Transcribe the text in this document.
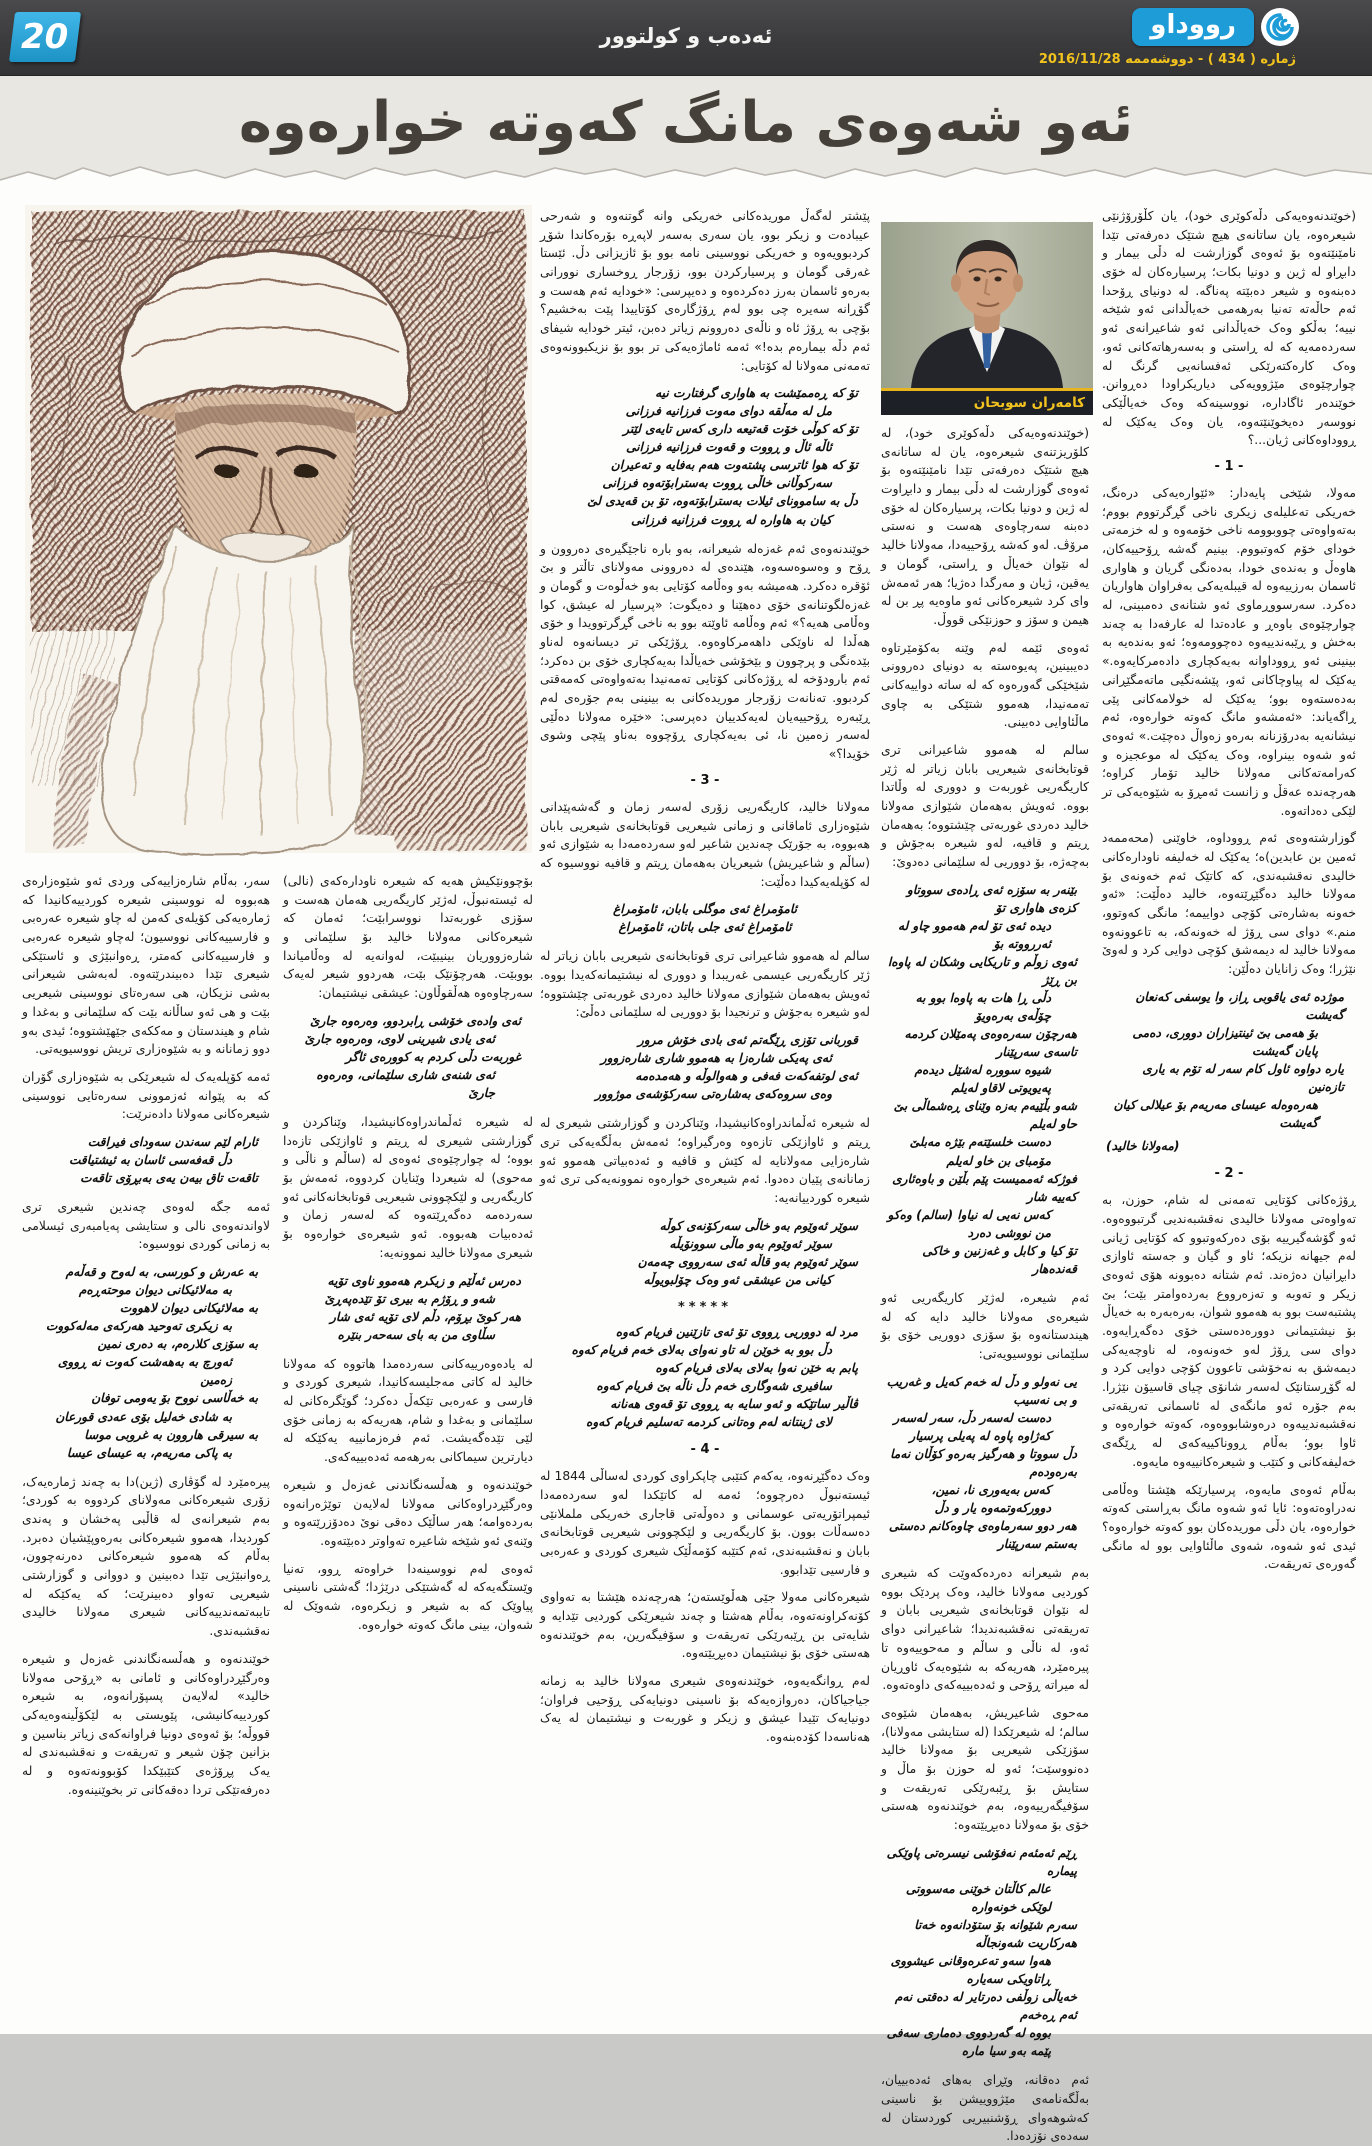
20	ئەدەب و کولتوور	رووداو
ژمارە ( 434 ) - دووشەممە 2016/11/28
ئەو شەوەی مانگ کەوتە خوارەوە
کامەران سوبحان

پێشتر لەگەڵ موریدەکانی خەریکی وانە گوتنەوە و شەرحی عیبادەت و زیکر بوو، یان سەری بەسەر لاپەڕە بۆرەکاندا شۆڕ کردبوویەوە و خەریکی نووسینی نامە بوو بۆ ئازیزانی دڵ. ئێستا غەرقی گومان و پرسیارکردن بوو، زۆرجار ڕوخساری نوورانی بەرەو ئاسمان بەرز دەکردەوە و دەیپرسی: «خودایە ئەم هەست و گۆڕانە سەیرە چی بوو لەم ڕۆژگارەی کۆتاییدا پێت بەخشیم؟ بۆچی بە ڕۆژ ئاه و ناڵەی دەروونم زیاتر دەبن، ئیتر خودایە شیفای ئەم دڵە بیمارەم بدە!» ئەمە ئاماژەیەکی تر بوو بۆ نزیکبوونەوەی تەمەنی مەولانا لە کۆتایی:

تۆ کە ڕەممێشت بە هاواری گرفتارت نیە
مل لە مەڵقە دوای مەوت فرزانیە فرزانی
تۆ کە کوڵی خۆت قەتیعە داری کەس تایەی لێتر
ئاڵە ئاڵ و ڕووت و قەوت فرزانیە فرزانی
تۆ کە هوا ئاترسی پشتەوت هەم بەفایە و تەعیران
سەرکوڵانی خاڵی ڕووت بەسترابۆتەوە فرزانی
دڵ بە ساموونای ئیلات بەسترابۆتەوە، تۆ بن قەیدی لێ
کیان بە هاوارە لە ڕووت فرزانیە فرزانی

خوێندنەوەی ئەم غەزەلە شیعرانە، بەو بارە ناجێگیرەی دەروون و ڕۆح و وەسوەسەوە، هێندەی لە دەروونی مەولانای تاڵتر و بێ ئۆقرە دەکرد. هەمیشە بەو وەڵامە کۆتایی بەو خەڵوەت و گومان و غەزەلگوتنانەی خۆی دەهێنا و دەیگوت: «پرسیار لە عیشق، کوا وەڵامی هەیە؟» ئەم وەڵامە ئاوێتە بوو بە ناخی گڕگرتوویدا و خۆی هەڵدا لە ناوێکی داهەمرکاوەوە. ڕۆژێکی تر دیسانەوە لەناو بێدەنگی و پرچوون و بێخۆشی خەیاڵدا بەیەکچاری خۆی بن دەکرد؛ ئەم بارودۆخە لە ڕۆژەکانی کۆتایی تەمەنیدا بەتەواوەتی کەمەقتی کردبوو. تەنانەت زۆرجار موریدەکانی بە بینینی بەم جۆرەی لەم ڕێبەرە ڕۆحییەیان لەیەکدییان دەپرسی: «خێرە مەولانا دەڵێی لەسەر زەمین نا، ئی بەیەکچاری ڕۆچووە بەناو پێچی وشوی خۆیدا؟»

- 3 -

مەولانا خالید، کاریگەریی زۆری لەسەر زمان و گەشەپێدانی شێوەزاری ئاماقانی و زمانی شیعریی قوتابخانەی شیعریی بابان هەبووە، بە جۆرێک چەندین شاعیر لەو سەردەمەدا بە شێوازی ئەو (ساڵم و شاعیریش) شیعریان بەهەمان ڕیتم و قافیە نووسیوە کە لە کۆپلەیەکیدا دەڵێت:

ئامۆمراغ ئەی موگلی بابان، ئامۆمراغ
ئامۆمراغ ئەی جلی باتان، ئامۆمراغ

سالم لە هەموو شاعیرانی تری قوتابخانەی شیعریی بابان زیاتر لە ژێر کاریگەریی عیسمی غەریبدا و دووری لە نیشتیمانەکەیدا بووە. ئەویش بەهەمان شێوازی مەولانا خالید دەردی غوربەتی چێشتووە؛ لەو شیعرە بەجۆش و ترنجیدا بۆ دووریی لە سلێمانی دەڵێ:

قوربانی تۆزی ڕێگەتم ئەی بادی خۆش مرور
ئەی پەیکی شارەزا بە هەموو شاری شارەزوور
ئەی لوتفەکەت فەفی و هەوالوڵە و هەمدەمە
وەی سروەکەی بەشارەتی سەرکۆشەی موژوور

لە شیعرە ئەڵماندراوەکانیشیدا، وێناکردن و گوزارشتی شیعری لە ڕیتم و ئاوازێکی تازەوە وەرگیراوە؛ ئەمەش بەڵگەیەکی تری شارەزایی مەولانایە لە کێش و قافیە و ئەدەبیاتی هەموو ئەو زمانانەی پێیان دەدوا. ئەم شیعرەی خوارەوە نموونەیەکی تری ئەو شیعرە کوردییانەیە:

سوێر ئەوێوم بەو خاڵی سەرکۆنەی کوڵە
سوێر ئەوێوم بەو ماڵی سوونۆیڵە
سوێر ئەوێوم بەو قاڵە ئەی سەرووی چەمەن
کیانی من عیشقی ئەو وەک چۆلبویوڵە
*****
مرد لە دووریی ڕووی تۆ ئەی تازێنین فریام کەوە
دڵ بوو بە خوێن لە تاو نەوای بەلای خەم فریام کەوە
پابم بە خێن نەوا بەلای بەلای فریام کەوە
سافیری شەوگاری خەم دڵ ناڵە بێ فریام کەوە
ڤاڵیر ساتێکە و ئەو سایە بە ڕووی تۆ قەوی هەنانە
لای ژینتانە لەم وەتانی کردمە تەسلیم فریام کەوە
- 4 -

وەک دەگێڕنەوە، یەکەم کتێبی چاپکراوی کوردی لەساڵی 1844 لە ئیستەنبوڵ دەرچووە؛ ئەمە لە کاتێکدا لەو سەردەمەدا ئیمپراتۆریەتی عوسمانی و دەوڵەتی قاجاری خەریکی ململانێی دەسەڵات بوون. بۆ کاریگەریی و لێکچوونی شیعریی قوتابخانەی بابان و نەقشبەندی، ئەم کتێبە کۆمەڵێک شیعری کوردی و عەرەبی و فارسیی تێدابوو.

شیعرەکانی مەولا جێی هەڵوێستەن؛ هەرچەندە هێشتا بە تەواوی کۆنەکراونەتەوە، بەڵام هەشتا و چەند شیعرێکی کوردیی تێدایە و شایەتی بن ڕێبەرێکی تەریقەت و سۆفیگەرین، بەم خوێندنەوە هەستی خۆی بۆ نیشتیمان دەبڕیێتەوە.

لەم ڕوانگەیەوە، خوێندنەوەی شیعری مەولانا خالید بە زمانە جیاجیاکان، دەروازەیەکە بۆ ناسینی دونیایەکی ڕۆحیی فراوان؛ دونیایەک تێیدا عیشق و زیکر و غوربەت و نیشتیمان لە یەک هەناسەدا کۆدەبنەوە.

(خوێندنەوەیەکی دڵەکوێری خود)، لە کلۆریزتنەی شیعرەوە، یان لە ساتانەی هیچ شتێک دەرفەتی تێدا نامێنێتەوە بۆ ئەوەی گوزارشت لە دڵی بیمار و دابڕاوت لە ژین و دونیا بکات، پرسیارەکان لە خۆی دەبنە سەرچاوەی هەست و نەستی مرۆڤ. لەو کەشە ڕۆحییەدا، مەولانا خالید لە نێوان خەیاڵ و ڕاستی، گومان و یەقین، ژیان و مەرگدا دەژیا؛ هەر ئەمەش وای کرد شیعرەکانی ئەو ماوەیە پڕ بن لە هیمن و سۆز و حوزنێکی قووڵ.

ئەوەی ئێمە لەم وێنە بەکۆمێرتاوە دەیبینین، پەیوەستە بە دونیای دەروونی شێخێکی گەورەوە کە لە ساتە دواییەکانی تەمەنیدا، هەموو شتێکی بە چاوی ماڵئاوایی دەبینی.

سالم لە هەموو شاعیرانی تری قوتابخانەی شیعریی بابان زیاتر لە ژێر کاریگەریی غوربەت و دووری لە وڵاتدا بووە. ئەویش بەهەمان شێوازی مەولانا خالید دەردی غوربەتی چێشتووە؛ بەهەمان ڕیتم و قافیە، لەو شیعرە بەجۆش و بەچەژە، بۆ دووریی لە سلێمانی دەدوێ:

بێنەر بە سۆزە ئەی ڕادەی سووتاو کزەی هاواری تۆ
دیدە ئەی تۆ لەم هەموو چاو لە ئەررووتە بۆ
ئەوی زوڵم و تاریکایی وشکان لە پاوەا بن ڕێژ
دڵی ڕا هات بە پاوەا بوو بە چۆڵەی بەرەویۆ
هەرچۆن سەرەوەی پەمێلان کردمە تاسەی سەرپێنار
شیوە سوورە لەشێل دیدەم پەیویوتی لاقاو لەیلم
شەو بڵێیەم بەزە وێنای ڕەشماڵی بێ حاو لەیلم
دەست خلسێتەم بێژە مەبلێ مۆمبای بن خاو لەیلم
فوژکە ئەممیست پێم بڵێن و باوەئاری کەییە شار
کەس نەیی لە نیاوا (سالم) وەکو من نووشی دەرد
تۆ کیا و کابل و غەزنین و خاکی قەندەهار

ئەم شیعرە، لەژێر کاریگەریی ئەو شیعرەی مەولانا خالید دایە کە لە هیندستانەوە بۆ سۆزی دووریی خۆی بۆ سلێمانی نووسیویەتی:

یی نەولو و دڵ لە خەم کەیل و غەریب و بی نەسیب
دەست لەسەر دڵ، سەر لەسەر کەژاوە پاوە لە پەیلی پرسیار
دڵ سووتا و هەرگیز بەرەو کۆڵان نەما بەرەودەم
کەس بەیەوری نا، نمین، دوورکەوتمەوە یار و دڵ
هەر دوو سەرماوەی چاوەکانم دەستی بەستم سەرپێنار

بەم شیعرانە دەردەکەوێت کە شیعری کوردیی مەولانا خالید، وەک پردێک بووە لە نێوان قوتابخانەی شیعریی بابان و تەریقەتی نەقشبەندیدا؛ شاعیرانی دوای ئەو، لە ناڵی و ساڵم و مەحوییەوە تا پیرەمێرد، هەریەکە بە شێوەیەک ئاوڕیان لە میراتە ڕۆحی و ئەدەبییەکەی داوەتەوە.

مەحوی شاعیریش، بەهەمان شێوەی سالم؛ لە شیعرێکدا (لە ستایشی مەولانا)، سۆزێکی شیعریی بۆ مەولانا خالید دەنووسێت؛ ئەو لە حوزن بۆ ماڵ و ستایش بۆ ڕێبەرێکی تەریقەت و سۆفیگەرییەوە، بەم خوێندنەوە هەستی خۆی بۆ مەولانا دەبڕیێتەوە:

ڕێم ئەمئەم نەفۆشی نیسرەتی پاوێکی پیمارە
عالم کاڵتان خوێنی مەسووتی لوێکی خونەوارە
سەرم شێوانە بۆ ستۆدانەوە خەتا هەرکاریت شەونجاڵە
هەوا سەو تەعرەوقانی عیشووی ڕاتاویکی سەیارە
خەیاڵی زوڵفی دەرتایر لە دەقتی نەم ئەم ڕەخەم
بووە لە گەردووی دەماری سەفی پێمە بەو سیا مارە

ئەم دەقانە، وێڕای بەهای ئەدەبییان، بەڵگەنامەی مێژووییشن بۆ ناسینی کەشوهەوای ڕۆشنبیریی کوردستان لە سەدەی نۆزدەدا.

(خوێندنەوەیەکی دڵەکوێری خود)، یان کڵۆرۆژنێی شیعرەوە، یان ساتانەی هیچ شتێک دەرفەتی تێدا نامێنێتەوە بۆ ئەوەی گوزارشت لە دڵی بیمار و دابڕاو لە ژین و دونیا بکات؛ پرسیارەکان لە خۆی دەبنەوە و شیعر دەبێتە پەناگە. لە دونیای ڕۆحدا ئەم حاڵەتە تەنیا بەرهەمی خەیاڵدانی ئەو شێخە نییە؛ بەڵکو وەک خەیاڵدانی ئەو شاعیرانەی ئەو سەردەمەیە کە لە ڕاستی و بەسەرهاتەکانی ئەو، وەک کارەکتەرێکی ئەفسانەیی گرنگ لە چوارچێوەی مێژوویەکی دیاریکراودا دەڕوانن. خوێندەر ئاگادارە، نووسینەکە وەک خەیاڵێکی نووسەر دەیخوێنێتەوە، یان وەک یەکێک لە ڕووداوەکانی ژیان...؟

- 1 -

مەولا، شێخی پایەدار: «ئێوارەیەکی درەنگ، خەریکی تەعلیلەی زیکری ناخی گڕگرتووم بووم؛ بەتەواوەتی چووبوومە ناخی خۆمەوە و لە خزمەتی خودای خۆم کەوتبووم. بینیم گەشە ڕۆحییەکان، هاوەڵ و بەندەی خودا، بەدەنگی گریان و هاواری ئاسمان بەرزییەوە لە قیبلەیەکی بەفراوان هاواریان دەکرد. سەرسووڕماوی ئەو شتانەی دەمبینی، لە چوارچێوەی باوەڕ و عادەتدا لە عارفەدا بە چەند بەخش و ڕێبەندییەوە دەچوومەوە؛ ئەو بەندەیە بە بینینی ئەو ڕووداوانە بەیەکچاری دادەمرکایەوە.» یەکێک لە پیاوچاکانی ئەو، پێشەنگیی ماتەمگێڕانی بەدەستەوە بوو؛ یەکێک لە خولامەکانی پێی ڕاگەیاند: «ئەمشەو مانگ کەوتە خوارەوە، ئەم نیشانەیە بەدرۆزنانە بەرەو زەواڵ دەچێت.» ئەوەی ئەو شەوە بینراوە، وەک یەکێک لە موعجیزە و کەرامەتەکانی مەولانا خالید تۆمار کراوە؛ هەرچەندە عەقڵ و زانست ئەمڕۆ بە شێوەیەکی تر لێکی دەداتەوە.

گوزارشتەوەی ئەم ڕووداوە، خاوێنی (محەممەد ئەمین بن عابدین)ە؛ یەکێک لە خەلیفە ناودارەکانی خالیدی نەقشبەندی، کە کاتێک ئەم خەونەی بۆ مەولانا خالید دەگێڕێتەوە، خالید دەڵێت: «ئەو خەونە بەشارەتی کۆچی دواییمە؛ مانگی کەوتوو، منم.» دوای سی ڕۆژ لە خەونەکە، بە تاعوونەوە مەولانا خالید لە دیمەشق کۆچی دوایی کرد و لەوێ نێژرا؛ وەک زانایان دەڵێن:

موژدە ئەی یاقوبی ڕاز، وا یوسفی کەنعان گەیشت
بۆ هەمی بێ ئینتیزاران دووری، دەمی پایان گەیشت
یارە دواوە ئاول کام سەر لە تۆم بە یاری تازەنین
هەرەوەلە عیسای مەریەم بۆ عیلالی کیان گەیشت
(مەولانا خالید)
- 2 -

ڕۆژەکانی کۆتایی تەمەنی لە شام، حوزن، بە تەواوەتی مەولانا خالیدی نەقشبەندیی گرتبووەوە. ئەو گۆشەگیرییە بۆی دەرکەوتبوو کە کۆتایی ژیانی لەم جیهانە نزیکە؛ ئاو و گیان و جەستە ئاوازی دابڕانیان دەژەند. ئەم شتانە دەبوونە هۆی ئەوەی زیکر و تەوبە و تەزەرووع بەردەوامتر بێت؛ بێ پشتبەست بوو بە هەموو شوان، بەرەبەرە بە خەیاڵ بۆ نیشتیمانی دوورەدەستی خۆی دەگەڕایەوە. دوای سی ڕۆژ لەو خەونەوە، لە ناوچەیەکی دیمەشق بە نەخۆشی تاعوون کۆچی دوایی کرد و لە گۆڕستانێک لەسەر شانۆی چیای قاسیۆن نێژرا. بەم جۆرە ئەو مانگەی لە ئاسمانی تەریقەتی نەقشبەندییەوە درەوشابووەوە، کەوتە خوارەوە و ئاوا بوو؛ بەڵام ڕووناکییەکەی لە ڕێگەی خەلیفەکانی و کتێب و شیعرەکانییەوە مایەوە.

بەڵام ئەوەی مایەوە، پرسیارێکە هێشتا وەڵامی نەدراوەتەوە: ئایا ئەو شەوە مانگ بەڕاستی کەوتە خوارەوە، یان دڵی موریدەکان بوو کەوتە خوارەوە؟ ئیدی ئەو شەوە، شەوی ماڵئاوایی بوو لە مانگی گەورەی تەریقەت.

سەر، بەڵام شارەزاییەکی وردی ئەو شێوەزارەی هەبووە لە نووسینی شیعرە کوردییەکانیدا کە ژمارەیەکی کۆیلەی کەمن لە چاو شیعرە عەرەبی و فارسییەکانی نووسیون؛ لەچاو شیعرە عەرەبی و فارسییەکانی کەمتر، ڕەوانبێژی و ئاستێکی شیعری تێدا دەبیندرێتەوە. لەبەشی شیعرانی بەشی نزیکان، هی سەرەتای نووسینی شیعریی بێت و هی ئەو ساڵانە بێت کە سلێمانی و بەغدا و شام و هیندستان و مەککەی جێهێشتووە؛ ئیدی بەو دوو زمانانە و بە شێوەزاری تریش نووسیویەتی.

ئەمە کۆپلەیەک لە شیعرێکی بە شێوەزاری گۆران کە بە پێوانە ئەزموونی سەرەتایی نووسینی شیعرەکانی مەولانا دادەنرێت:

ئارام لێم سەندن سەودای فیراقت
دڵ قەفەسی ئاسان بە ئیشتیاقت
تاقەت تاق بیەن یەی بەبڕۆی تاقەت

ئەمە جگە لەوەی چەندین شیعری تری لاواندنەوەی نالی و ستایشی پەیامبەری ئیسلامی بە زمانی کوردی نووسیوە:

بە عەرش و کورسی، بە لەوح و قەڵەم
بە مەلائیکانی دیوان موحتەڕەم
بە مەلائیکانی دیوان لاهووت
بە زیکری تەوحید هەرکەی مەلەکووت
بە سۆزی کلارەم، بە دەری نمین
ئەورچ بە بەهەشت کەوت نە ڕووی زەمین
بە خەڵاسی نووح بۆ یەومی توفان
بە شادی خەلیل بۆی عەدی قورعان
بە سیرقی هاروون بە غروبی موسا
بە پاکی مەریەم، بە عیسای عیسا

پیرەمێرد لە گۆڤاری (ژین)دا بە چەند ژمارەیەک، زۆری شیعرەکانی مەولانای کردووە بە کوردی؛ بەم شیعرانەی لە قاڵبی پەخشان و پەندی کوردیدا، هەموو شیعرەکانی بەرەوپێشیان دەبرد. بەڵام کە هەموو شیعرەکانی دەرنەچوون، ڕەوانبێژیی تێدا دەبینین و دووانی و گوزارشتی شیعریی تەواو دەبینرێت؛ کە یەکێکە لە تایبەتمەندییەکانی شیعری مەولانا خالیدی نەقشبەندی.

خوێندنەوە و هەڵسەنگاندنی غەزەل و شیعرە وەرگێڕدراوەکانی و ئامانی بە «ڕۆحی مەولانا خالید» لەلایەن پسپۆرانەوە، بە شیعرە کوردییەکانیشی، پێویستی بە لێکۆڵینەوەیەکی قووڵە؛ بۆ ئەوەی دونیا فراوانەکەی زیاتر بناسین و بزانین چۆن شیعر و تەریقەت و نەقشبەندی لە یەک پڕۆژەی کتێبێکدا کۆبوونەتەوە و لە دەرفەتێکی تردا دەقەکانی تر بخوێنینەوە.

بۆچوونێکیش هەیە کە شیعرە ناودارەکەی (نالی) لە ئیستەنبوڵ، لەژێر کاریگەریی هەمان هەست و سۆزی غوربەتدا نووسرابێت؛ ئەمان کە شیعرەکانی مەولانا خالید بۆ سلێمانی و شارەزووریان بینیبێت، لەوانەیە لە وەڵامیاندا بووبێت. هەرچۆنێک بێت، هەردوو شیعر لەیەک سەرچاوەوە هەڵقوڵاون: عیشقی نیشتیمان:

ئەی وادەی خۆشی ڕابردوو، وەرەوە جارێ
ئەی یادی شیرینی لاوی، وەرەوە جارێ
غوربەت دڵی کردم بە کوورەی ئاگر
ئەی شنەی شاری سلێمانی، وەرەوە جارێ

لە شیعرە ئەڵماندراوەکانیشیدا، وێناکردن و گوزارشتی شیعری لە ڕیتم و ئاوازێکی تازەدا بووە؛ لە چوارچێوەی ئەوەی لە (ساڵم و ناڵی و مەحوی) لە شیعردا وێنایان کردووە، ئەمەش بۆ کاریگەریی و لێکچوونی شیعریی قوتابخانەکانی ئەو سەردەمە دەگەڕێتەوە کە لەسەر زمان و ئەدەبیات هەبووە. ئەو شیعرەی خوارەوە بۆ شیعری مەولانا خالید نموونەیە:

دەرس ئەڵێم و زیکرم هەموو ناوی تۆیە
شەو و ڕۆژم بە بیری تۆ تێدەپەڕێ
هەر کوێ بڕۆم، دڵم لای تۆیە ئەی شار
سڵاوی من بە بای سەحەر بنێرە

لە یادەوەرییەکانی سەردەمدا هاتووە کە مەولانا خالید لە کاتی مەجلیسەکانیدا، شیعری کوردی و فارسی و عەرەبی تێکەڵ دەکرد؛ گوێگرەکانی لە سلێمانی و بەغدا و شام، هەریەکە بە زمانی خۆی لێی تێدەگەیشت. ئەم فرەزمانییە یەکێکە لە دیارترین سیماکانی بەرهەمە ئەدەبییەکەی.

خوێندنەوە و هەڵسەنگاندنی غەزەل و شیعرە وەرگێڕدراوەکانی مەولانا لەلایەن توێژەرانەوە بەردەوامە؛ هەر ساڵێک دەقی نوێ دەدۆزرێتەوە و وێنەی ئەو شێخە شاعیرە تەواوتر دەبێتەوە.

ئەوەی لەم نووسینەدا خراوەتە ڕوو، تەنیا وێستگەیەکە لە گەشتێکی درێژدا؛ گەشتی ناسینی پیاوێک کە بە شیعر و زیکرەوە، شەوێک لە شەوان، بینی مانگ کەوتە خوارەوە.
